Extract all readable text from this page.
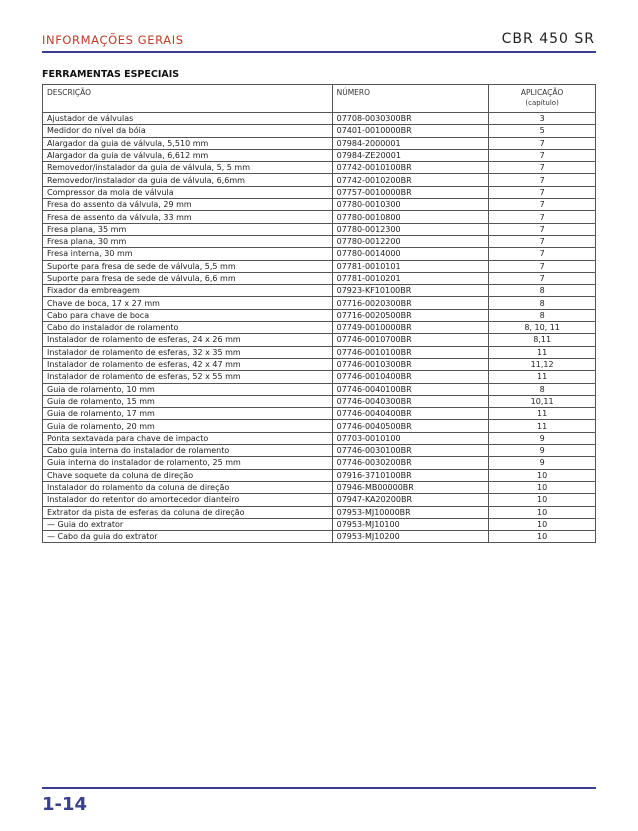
INFORMAÇÕES GERAIS	CBR 450 SR
FERRAMENTAS ESPECIAIS
DESCRIÇÃO	NÚMERO	APLICAÇÃO
(capítulo)

Ajustador de válvulas	07708-0030300BR	3
Medidor do nível da bóia	07401-0010000BR	5
Alargador da guia de válvula, 5,510 mm	07984-2000001	7
Alargador da guia de válvula, 6,612 mm	07984-ZE20001	7
Removedor/instalador da guia de válvula, 5, 5 mm	07742-0010100BR	7
Removedor/instalador da guia de válvula, 6,6mm	07742-0010200BR	7
Compressor da mola de válvula	07757-0010000BR	7
Fresa do assento da válvula, 29 mm	07780-0010300	7
Fresa de assento da válvula, 33 mm	07780-0010800	7
Fresa plana, 35 mm	07780-0012300	7
Fresa plana, 30 mm	07780-0012200	7
Fresa interna, 30 mm	07780-0014000	7
Suporte para fresa de sede de válvula, 5,5 mm	07781-0010101	7
Suporte para fresa de sede de válvula, 6,6 mm	07781-0010201	7
Fixador da embreagem	07923-KF10100BR	8
Chave de boca, 17 x 27 mm	07716-0020300BR	8
Cabo para chave de boca	07716-0020500BR	8
Cabo do instalador de rolamento	07749-0010000BR	8, 10, 11
Instalador de rolamento de esferas, 24 x 26 mm	07746-0010700BR	8,11
Instalador de rolamento de esferas, 32 x 35 mm	07746-0010100BR	11
Instalador de rolamento de esferas, 42 x 47 mm	07746-0010300BR	11,12
Instalador de rolamento de esferas, 52 x 55 mm	07746-0010400BR	11
Guia de rolamento, 10 mm	07746-0040100BR	8
Guia de rolamento, 15 mm	07746-0040300BR	10,11
Guia de rolamento, 17 mm	07746-0040400BR	11
Guia de rolamento, 20 mm	07746-0040500BR	11
Ponta sextavada para chave de impacto	07703-0010100	9
Cabo guia interna do instalador de rolamento	07746-0030100BR	9
Guia interna do instalador de rolamento, 25 mm	07746-0030200BR	9
Chave soquete da coluna de direção	07916-3710100BR	10
Instalador do rolamento da coluna de direção	07946-MB00000BR	10
Instalador do retentor do amortecedor dianteiro	07947-KA20200BR	10
Extrator da pista de esferas da coluna de direção	07953-MJ10000BR	10
— Guia do extrator	07953-MJ10100	10
— Cabo da guia do extrator	07953-MJ10200	10
1-14
